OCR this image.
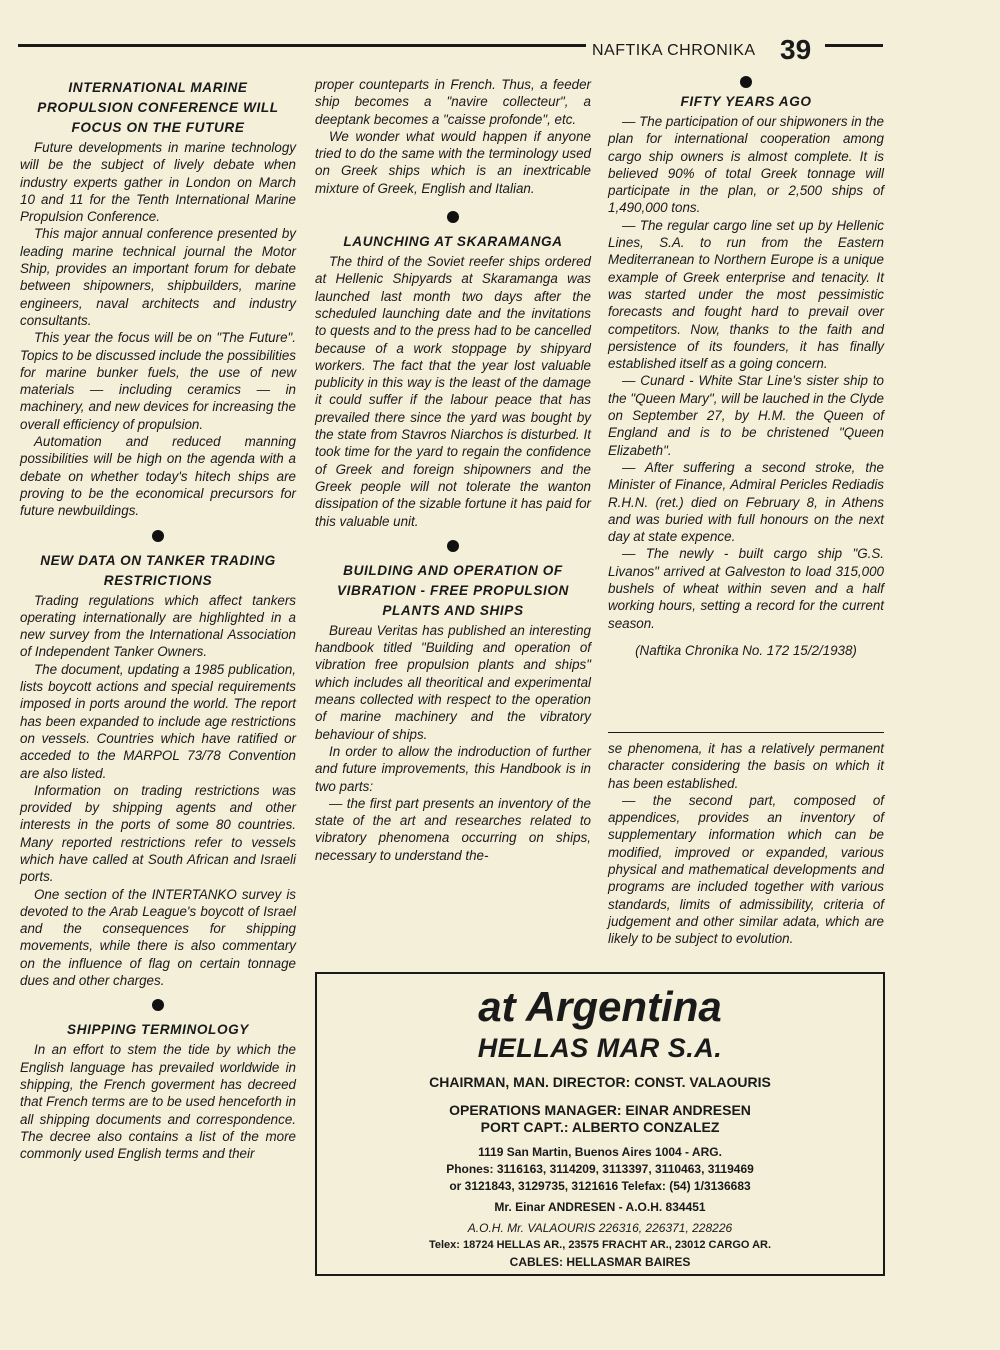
NAFTIKA CHRONIKA 39
INTERNATIONAL MARINE PROPULSION CONFERENCE WILL FOCUS ON THE FUTURE

Future developments in marine technology will be the subject of lively debate when industry experts gather in London on March 10 and 11 for the Tenth International Marine Propulsion Conference.

This major annual conference presented by leading marine technical journal the Motor Ship, provides an important forum for debate between shipowners, shipbuilders, marine engineers, naval architects and industry consultants.

This year the focus will be on "The Future". Topics to be discussed include the possibilities for marine bunker fuels, the use of new materials — including ceramics — in machinery, and new devices for increasing the overall efficiency of propulsion.

Automation and reduced manning possibilities will be high on the agenda with a debate on whether today's hitech ships are proving to be the economical precursors for future newbuildings.

NEW DATA ON TANKER TRADING RESTRICTIONS

Trading regulations which affect tankers operating internationally are highlighted in a new survey from the International Association of Independent Tanker Owners.

The document, updating a 1985 publication, lists boycott actions and special requirements imposed in ports around the world. The report has been expanded to include age restrictions on vessels. Countries which have ratified or acceded to the MARPOL 73/78 Convention are also listed.

Information on trading restrictions was provided by shipping agents and other interests in the ports of some 80 countries. Many reported restrictions refer to vessels which have called at South African and Israeli ports.

One section of the INTERTANKO survey is devoted to the Arab League's boycott of Israel and the consequences for shipping movements, while there is also commentary on the influence of flag on certain tonnage dues and other charges.

SHIPPING TERMINOLOGY

In an effort to stem the tide by which the English language has prevailed worldwide in shipping, the French goverment has decreed that French terms are to be used henceforth in all shipping documents and correspondence. The decree also contains a list of the more commonly used English terms and their

proper counteparts in French. Thus, a feeder ship becomes a "navire collecteur", a deeptank becomes a "caisse profonde", etc.

We wonder what would happen if anyone tried to do the same with the terminology used on Greek ships which is an inextricable mixture of Greek, English and Italian.

LAUNCHING AT SKARAMANGA

The third of the Soviet reefer ships ordered at Hellenic Shipyards at Skaramanga was launched last month two days after the scheduled launching date and the invitations to quests and to the press had to be cancelled because of a work stoppage by shipyard workers. The fact that the year lost valuable publicity in this way is the least of the damage it could suffer if the labour peace that has prevailed there since the yard was bought by the state from Stavros Niarchos is disturbed. It took time for the yard to regain the confidence of Greek and foreign shipowners and the Greek people will not tolerate the wanton dissipation of the sizable fortune it has paid for this valuable unit.

BUILDING AND OPERATION OF VIBRATION - FREE PROPULSION PLANTS AND SHIPS

Bureau Veritas has published an interesting handbook titled "Building and operation of vibration free propulsion plants and ships" which includes all theoritical and experimental means collected with respect to the operation of marine machinery and the vibratory behaviour of ships.

In order to allow the indroduction of further and future improvements, this Handbook is in two parts:

— the first part presents an inventory of the state of the art and researches related to vibratory phenomena occurring on ships, necessary to understand the-

FIFTY YEARS AGO

— The participation of our shipwoners in the plan for international cooperation among cargo ship owners is almost complete. It is believed 90% of total Greek tonnage will participate in the plan, or 2,500 ships of 1,490,000 tons.

— The regular cargo line set up by Hellenic Lines, S.A. to run from the Eastern Mediterranean to Northern Europe is a unique example of Greek enterprise and tenacity. It was started under the most pessimistic forecasts and fought hard to prevail over competitors. Now, thanks to the faith and persistence of its founders, it has finally established itself as a going concern.

— Cunard - White Star Line's sister ship to the "Queen Mary", will be lauched in the Clyde on September 27, by H.M. the Queen of England and is to be christened "Queen Elizabeth".

— After suffering a second stroke, the Minister of Finance, Admiral Pericles Rediadis R.H.N. (ret.) died on February 8, in Athens and was buried with full honours on the next day at state expence.

— The newly - built cargo ship "G.S. Livanos" arrived at Galveston to load 315,000 bushels of wheat within seven and a half working hours, setting a record for the current season.

(Naftika Chronika No. 172 15/2/1938)

se phenomena, it has a relatively permanent character considering the basis on which it has been established.

— the second part, composed of appendices, provides an inventory of supplementary information which can be modified, improved or expanded, various physical and mathematical developments and programs are included together with various standards, limits of admissibility, criteria of judgement and other similar adata, which are likely to be subject to evolution.

at Argentina
HELLAS MAR S.A.
CHAIRMAN, MAN. DIRECTOR: CONST. VALAOURIS
OPERATIONS MANAGER: EINAR ANDRESEN
PORT CAPT.: ALBERTO CONZALEZ
1119 San Martin, Buenos Aires 1004 - ARG.
Phones: 3116163, 3114209, 3113397, 3110463, 3119469
or 3121843, 3129735, 3121616 Telefax: (54) 1/3136683
Mr. Einar ANDRESEN - A.O.H. 834451
A.O.H. Mr. VALAOURIS 226316, 226371, 228226
Telex: 18724 HELLAS AR., 23575 FRACHT AR., 23012 CARGO AR.
CABLES: HELLASMAR BAIRES
